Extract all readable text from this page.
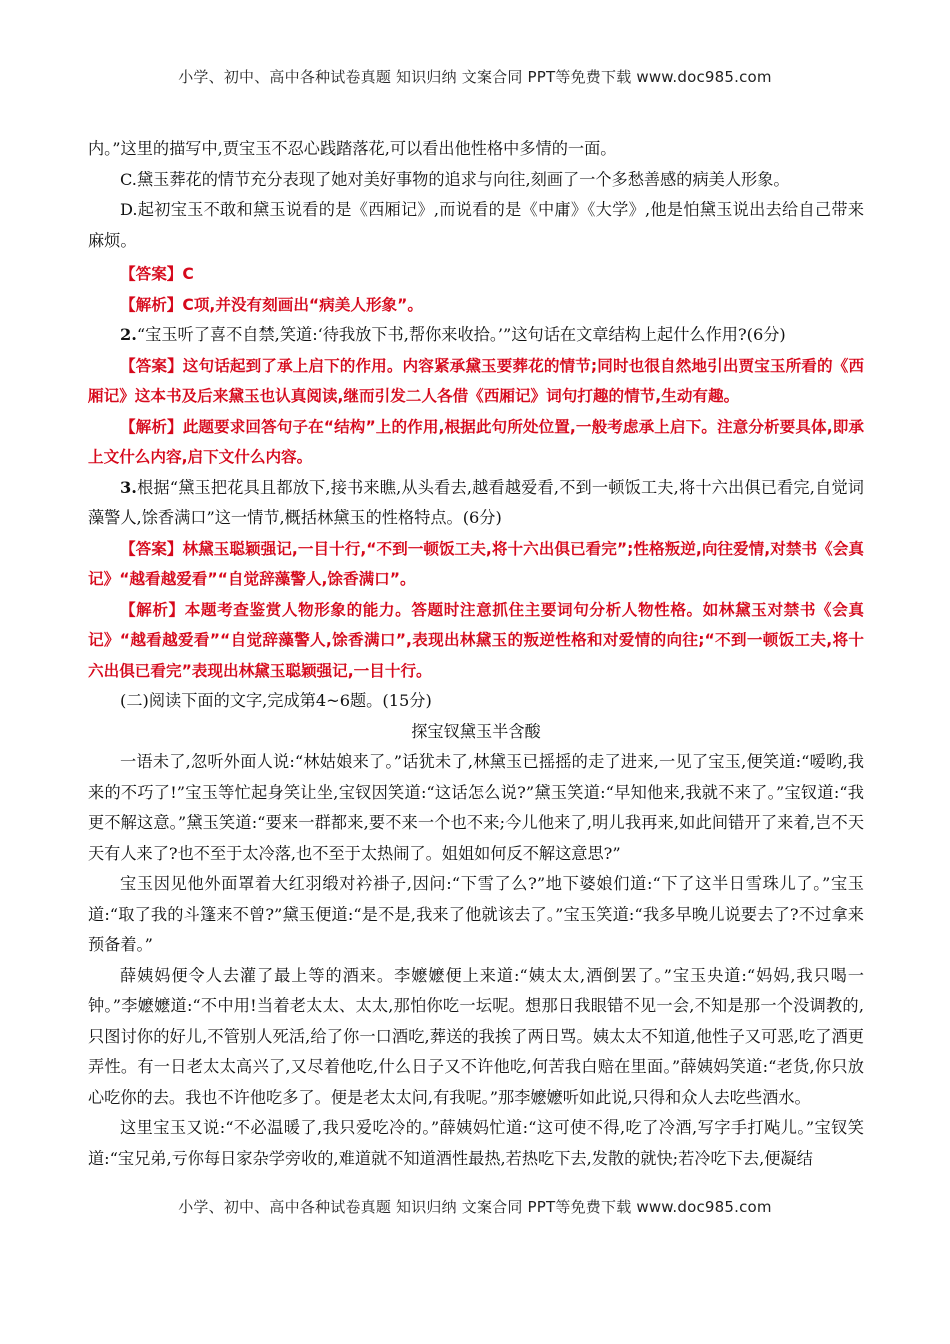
小学、初中、高中各种试卷真题 知识归纳 文案合同 PPT等免费下载 www.doc985.com

内。”这里的描写中,贾宝玉不忍心践踏落花,可以看出他性格中多情的一面。

C.黛玉葬花的情节充分表现了她对美好事物的追求与向往,刻画了一个多愁善感的病美人形象。

D.起初宝玉不敢和黛玉说看的是《西厢记》,而说看的是《中庸》《大学》,他是怕黛玉说出去给自己带来麻烦。

【答案】C

【解析】C项,并没有刻画出“病美人形象”。

2.“宝玉听了喜不自禁,笑道:‘待我放下书,帮你来收拾。’”这句话在文章结构上起什么作用?(6分)

【答案】这句话起到了承上启下的作用。内容紧承黛玉要葬花的情节;同时也很自然地引出贾宝玉所看的《西厢记》这本书及后来黛玉也认真阅读,继而引发二人各借《西厢记》词句打趣的情节,生动有趣。

【解析】此题要求回答句子在“结构”上的作用,根据此句所处位置,一般考虑承上启下。注意分析要具体,即承上文什么内容,启下文什么内容。

3.根据“黛玉把花具且都放下,接书来瞧,从头看去,越看越爱看,不到一顿饭工夫,将十六出俱已看完,自觉词藻警人,馀香满口”这一情节,概括林黛玉的性格特点。(6分)

【答案】林黛玉聪颖强记,一目十行,“不到一顿饭工夫,将十六出俱已看完”;性格叛逆,向往爱情,对禁书《会真记》“越看越爱看”“自觉辞藻警人,馀香满口”。

【解析】本题考查鉴赏人物形象的能力。答题时注意抓住主要词句分析人物性格。如林黛玉对禁书《会真记》“越看越爱看”“自觉辞藻警人,馀香满口”,表现出林黛玉的叛逆性格和对爱情的向往;“不到一顿饭工夫,将十六出俱已看完”表现出林黛玉聪颖强记,一目十行。

(二)阅读下面的文字,完成第4~6题。(15分)

探宝钗黛玉半含酸

一语未了,忽听外面人说:“林姑娘来了。”话犹未了,林黛玉已摇摇的走了进来,一见了宝玉,便笑道:“嗳哟,我来的不巧了!”宝玉等忙起身笑让坐,宝钗因笑道:“这话怎么说?”黛玉笑道:“早知他来,我就不来了。”宝钗道:“我更不解这意。”黛玉笑道:“要来一群都来,要不来一个也不来;今儿他来了,明儿我再来,如此间错开了来着,岂不天天有人来了?也不至于太冷落,也不至于太热闹了。姐姐如何反不解这意思?”

宝玉因见他外面罩着大红羽缎对衿褂子,因问:“下雪了么?”地下婆娘们道:“下了这半日雪珠儿了。”宝玉道:“取了我的斗篷来不曾?”黛玉便道:“是不是,我来了他就该去了。”宝玉笑道:“我多早晚儿说要去了?不过拿来预备着。”

薛姨妈便令人去灌了最上等的酒来。李嬷嬷便上来道:“姨太太,酒倒罢了。”宝玉央道:“妈妈,我只喝一钟。”李嬷嬷道:“不中用!当着老太太、太太,那怕你吃一坛呢。想那日我眼错不见一会,不知是那一个没调教的,只图讨你的好儿,不管别人死活,给了你一口酒吃,葬送的我挨了两日骂。姨太太不知道,他性子又可恶,吃了酒更弄性。有一日老太太高兴了,又尽着他吃,什么日子又不许他吃,何苦我白赔在里面。”薛姨妈笑道:“老货,你只放心吃你的去。我也不许他吃多了。便是老太太问,有我呢。”那李嬷嬷听如此说,只得和众人去吃些酒水。

这里宝玉又说:“不必温暖了,我只爱吃冷的。”薛姨妈忙道:“这可使不得,吃了冷酒,写字手打飐儿。”宝钗笑道:“宝兄弟,亏你每日家杂学旁收的,难道就不知道酒性最热,若热吃下去,发散的就快;若冷吃下去,便凝结

小学、初中、高中各种试卷真题 知识归纳 文案合同 PPT等免费下载 www.doc985.com
